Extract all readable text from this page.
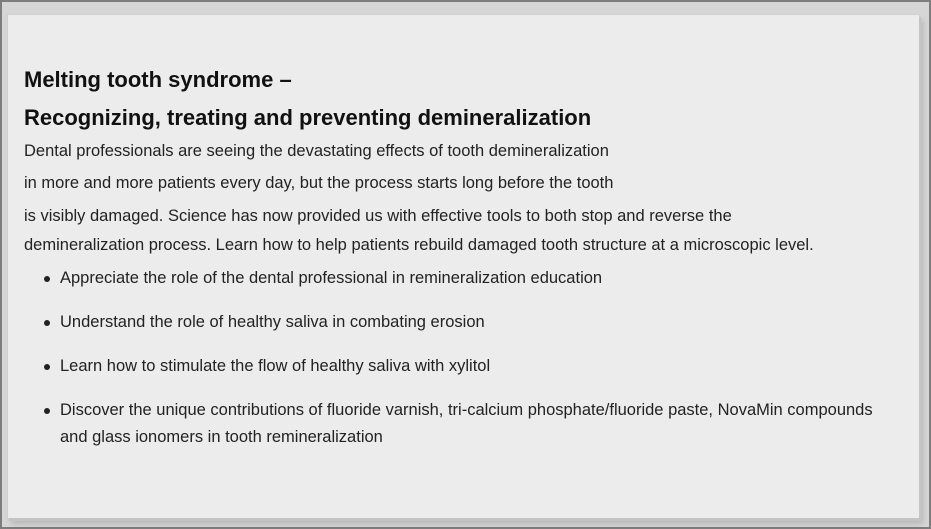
Melting tooth syndrome –
Recognizing, treating and preventing demineralization

Dental professionals are seeing the devastating effects of tooth demineralization

in more and more patients every day, but the process starts long before the tooth

is visibly damaged. Science has now provided us with effective tools to both stop and reverse the

demineralization process. Learn how to help patients rebuild damaged tooth structure at a microscopic level.

Appreciate the role of the dental professional in remineralization education
Understand the role of healthy saliva in combating erosion
Learn how to stimulate the flow of healthy saliva with xylitol
Discover the unique contributions of fluoride varnish, tri-calcium phosphate/fluoride paste, NovaMin compounds and glass ionomers in tooth remineralization
